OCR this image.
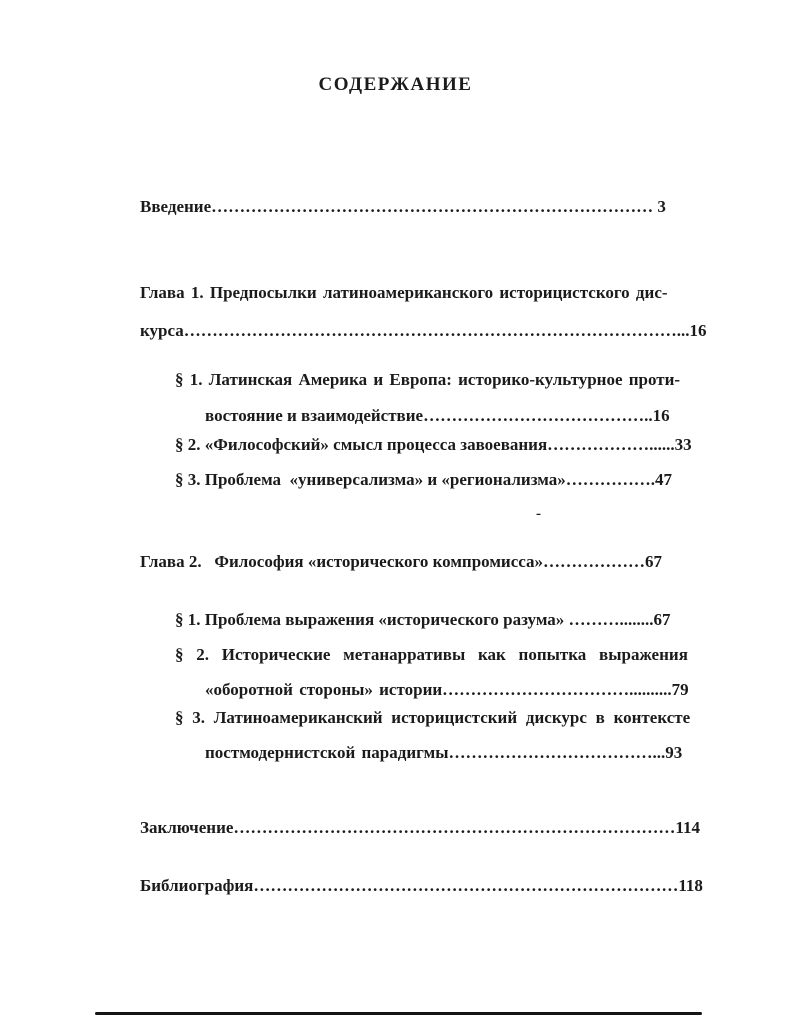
СОДЕРЖАНИЕ
Введение…………………………………………………………………… 3
Глава 1. Предпосылки латиноамериканского историцистского дис-
курса……………………………………………………………………………...16
§ 1. Латинская Америка и Европа: историко-культурное проти-
востояние и взаимодействие…………………………………..16
§ 2. «Философский» смысл процесса завоевания………………......33
§ 3. Проблема  «универсализма» и «регионализма»…………….47
-
Глава 2.   Философия «исторического компромисса»………………67
§ 1. Проблема выражения «исторического разума» ………........67
§ 2. Исторические метанарративы как попытка выражения
«оборотной стороны» истории……………………………..........79
§ 3. Латиноамериканский историцистский дискурс в контексте
постмодернистской парадигмы………………………………...93
Заключение……………………………………………………………………114
Библиография…………………………………………………………………118
